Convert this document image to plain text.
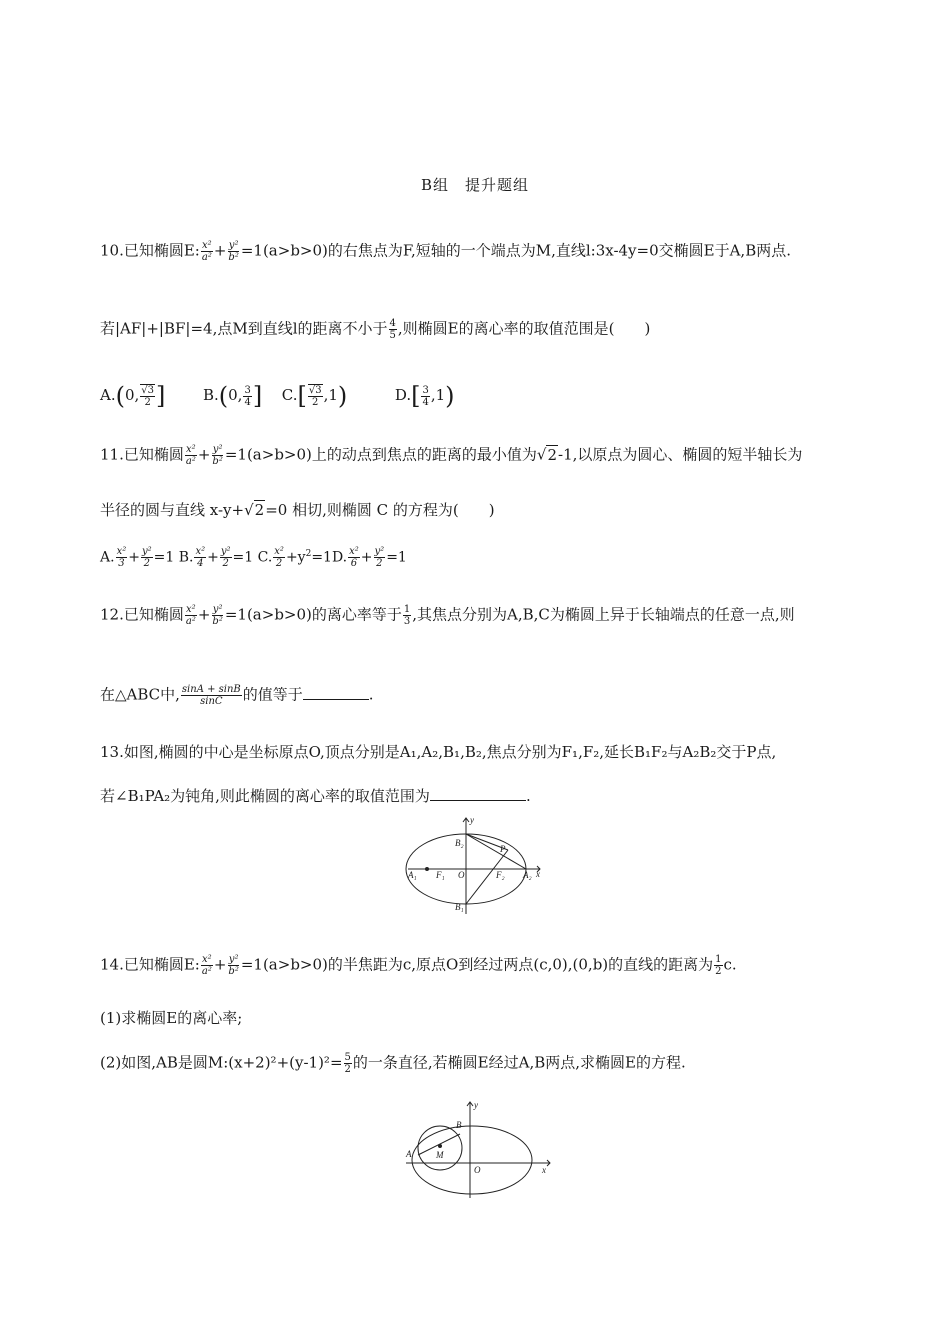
B组　提升题组
10.已知椭圆E: $\frac{\text{x²}}{\text{a²}} + \frac{\text{y²}}{\text{b²}} =1(a>b>0)$的右焦点为F,短轴的一个端点为M,直线l:3x-4y=0交椭圆E于A,B两点.
若|AF|+|BF|=4,点M到直线l的距离不小于 $\frac{4}{5}$ ,则椭圆E的离心率的取值范围是(　　)
A.(0, $\frac{√3}{2}$ ]	B.(0, $\frac{3}{4}$ ] $C.[ \frac{√3}{2} ,1)$	$D.[ \frac{3}{4} ,1)$
11.已知椭圆 $\frac{\text{x²}}{\text{a²}} + \frac{\text{y²}}{\text{b²}} =1(a>b>0)$上的动点到焦点的距离的最小值为√2-1,以原点为圆心、椭圆的短半轴长为
半径的圆与直线 x-y+√2=0 相切,则椭圆 C 的方程为(　　)
A. $\frac{\text{x²}}{3} + \frac{\text{y²}}{2} =1$ B. $\frac{\text{x²}}{4} + \frac{\text{y²}}{2} =1$ C. $\frac{\text{x²}}{2} +y^2=1D$. $\frac{\text{x²}}{6} + \frac{\text{y²}}{2} =1$
12.已知椭圆 $\frac{\text{x²}}{\text{a²}} + \frac{\text{y²}}{\text{b²}} =1(a>b>0)$的离心率等于 $\frac{1}{3}$ ,其焦点分别为A,B,C为椭圆上异于长轴端点的任意一点,则
在△ABC中, $\frac{\sin A + \sin B}{\sin C}$ 的值等于	.
13.如图,椭圆的中心是坐标原点O,顶点分别是A₁,A₂,B₁,B₂,焦点分别为F₁,F₂,延长B₁F₂与A₂B₂交于P点,
若∠B₁PA₂为钝角,则此椭圆的离心率的取值范围为	.
y
x
B₂
B₁
A₁	A₂
F₁	F₂
O
P
14.已知椭圆E: $\frac{\text{x²}}{\text{a²}} + \frac{\text{y²}}{\text{b²}} =1(a>b>0)$的半焦距为c,原点O到经过两点(c,0),(0,b)的直线的距离为 $\frac{1}{2} c$.
(1)求椭圆E的离心率;
(2)如图,AB是圆M:(x+2)²+(y-1)²= $\frac{5}{2}$ 的一条直径,若椭圆E经过A,B两点,求椭圆E的方程.
y
x
A
B
M
O
